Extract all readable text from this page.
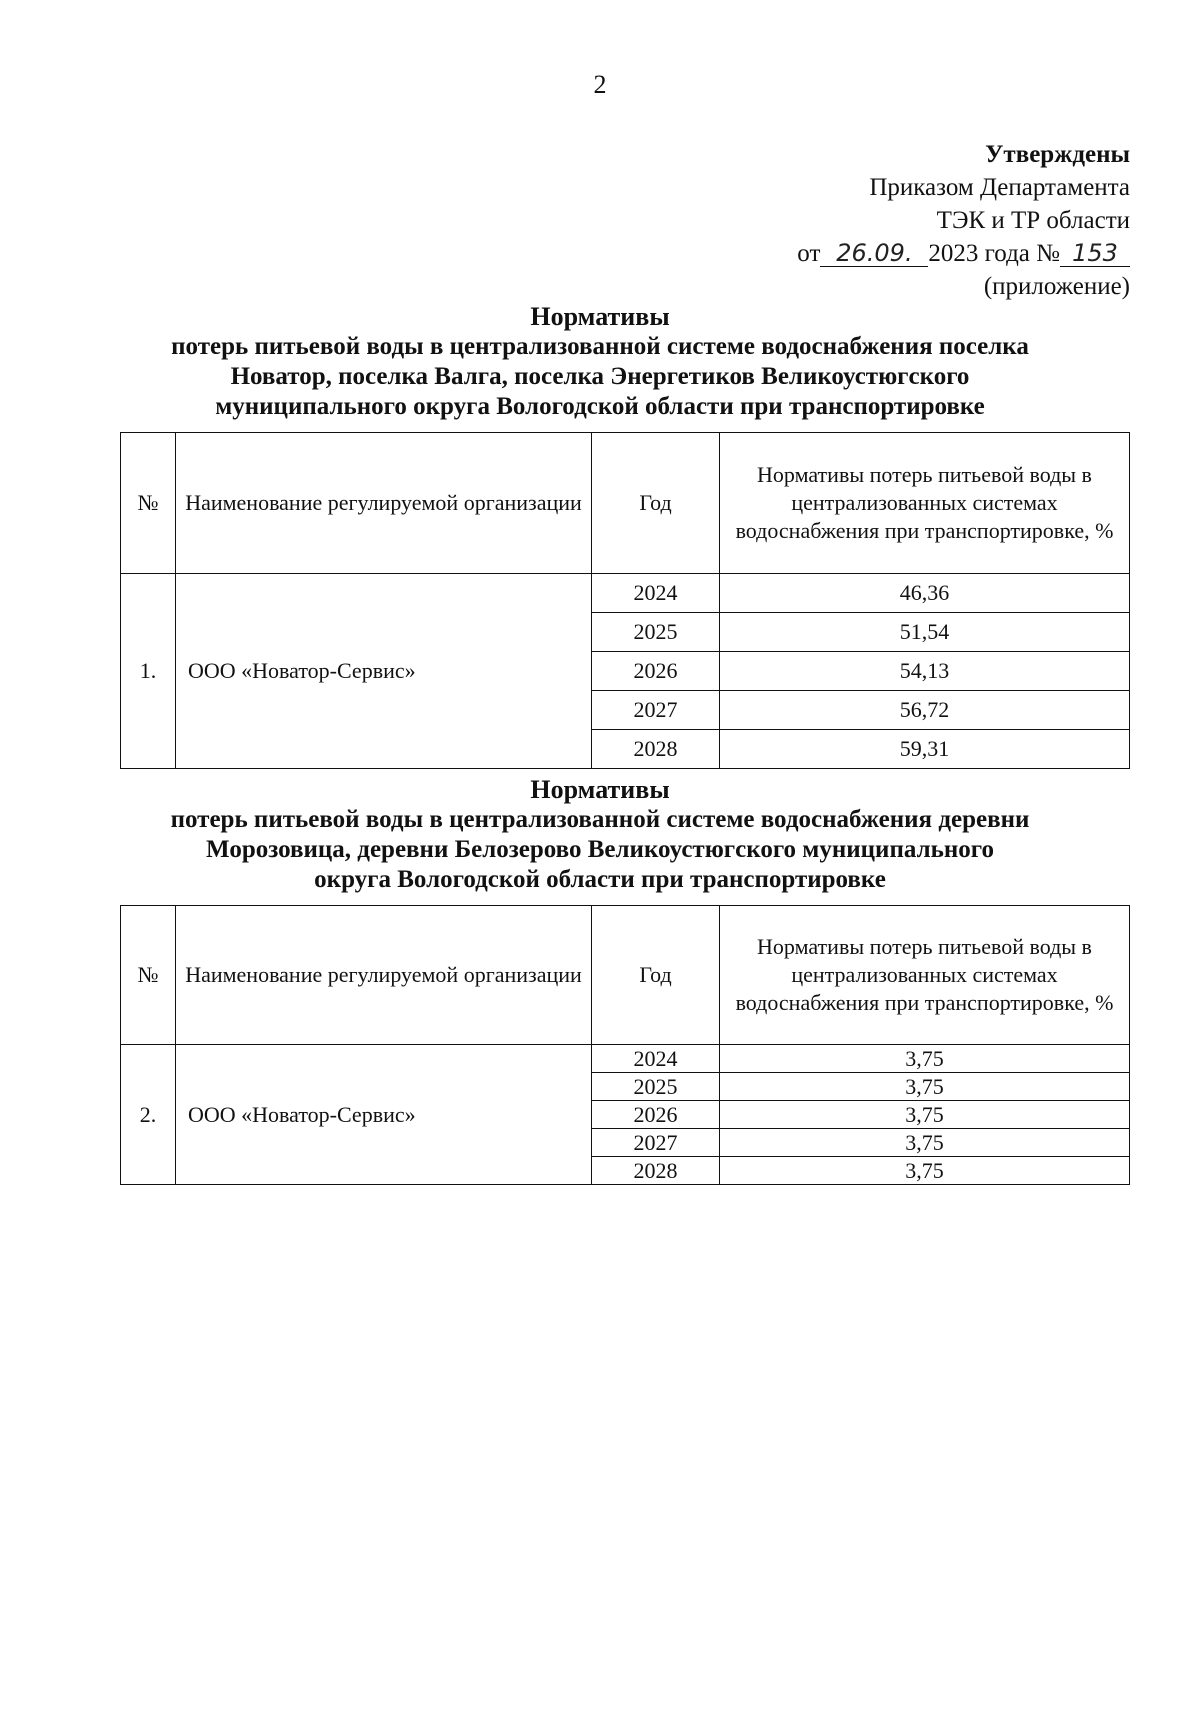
2
Утверждены
Приказом Департамента
ТЭК и ТР области
от 26.09. 2023 года № 153
(приложение)
Нормативы
потерь питьевой воды в централизованной системе водоснабжения поселка
Новатор, поселка Валга, поселка Энергетиков Великоустюгского
муниципального округа Вологодской области при транспортировке
№	Наименование регулируемой организации	Год	Нормативы потерь питьевой воды в централизованных системах водоснабжения при транспортировке, %
1.	ООО «Новатор-Сервис»	2024	46,36
		2025	51,54
		2026	54,13
		2027	56,72
		2028	59,31
Нормативы
потерь питьевой воды в централизованной системе водоснабжения деревни
Морозовица, деревни Белозерово Великоустюгского муниципального
округа Вологодской области при транспортировке
№	Наименование регулируемой организации	Год	Нормативы потерь питьевой воды в централизованных системах водоснабжения при транспортировке, %
2.	ООО «Новатор-Сервис»	2024	3,75
		2025	3,75
		2026	3,75
		2027	3,75
		2028	3,75
